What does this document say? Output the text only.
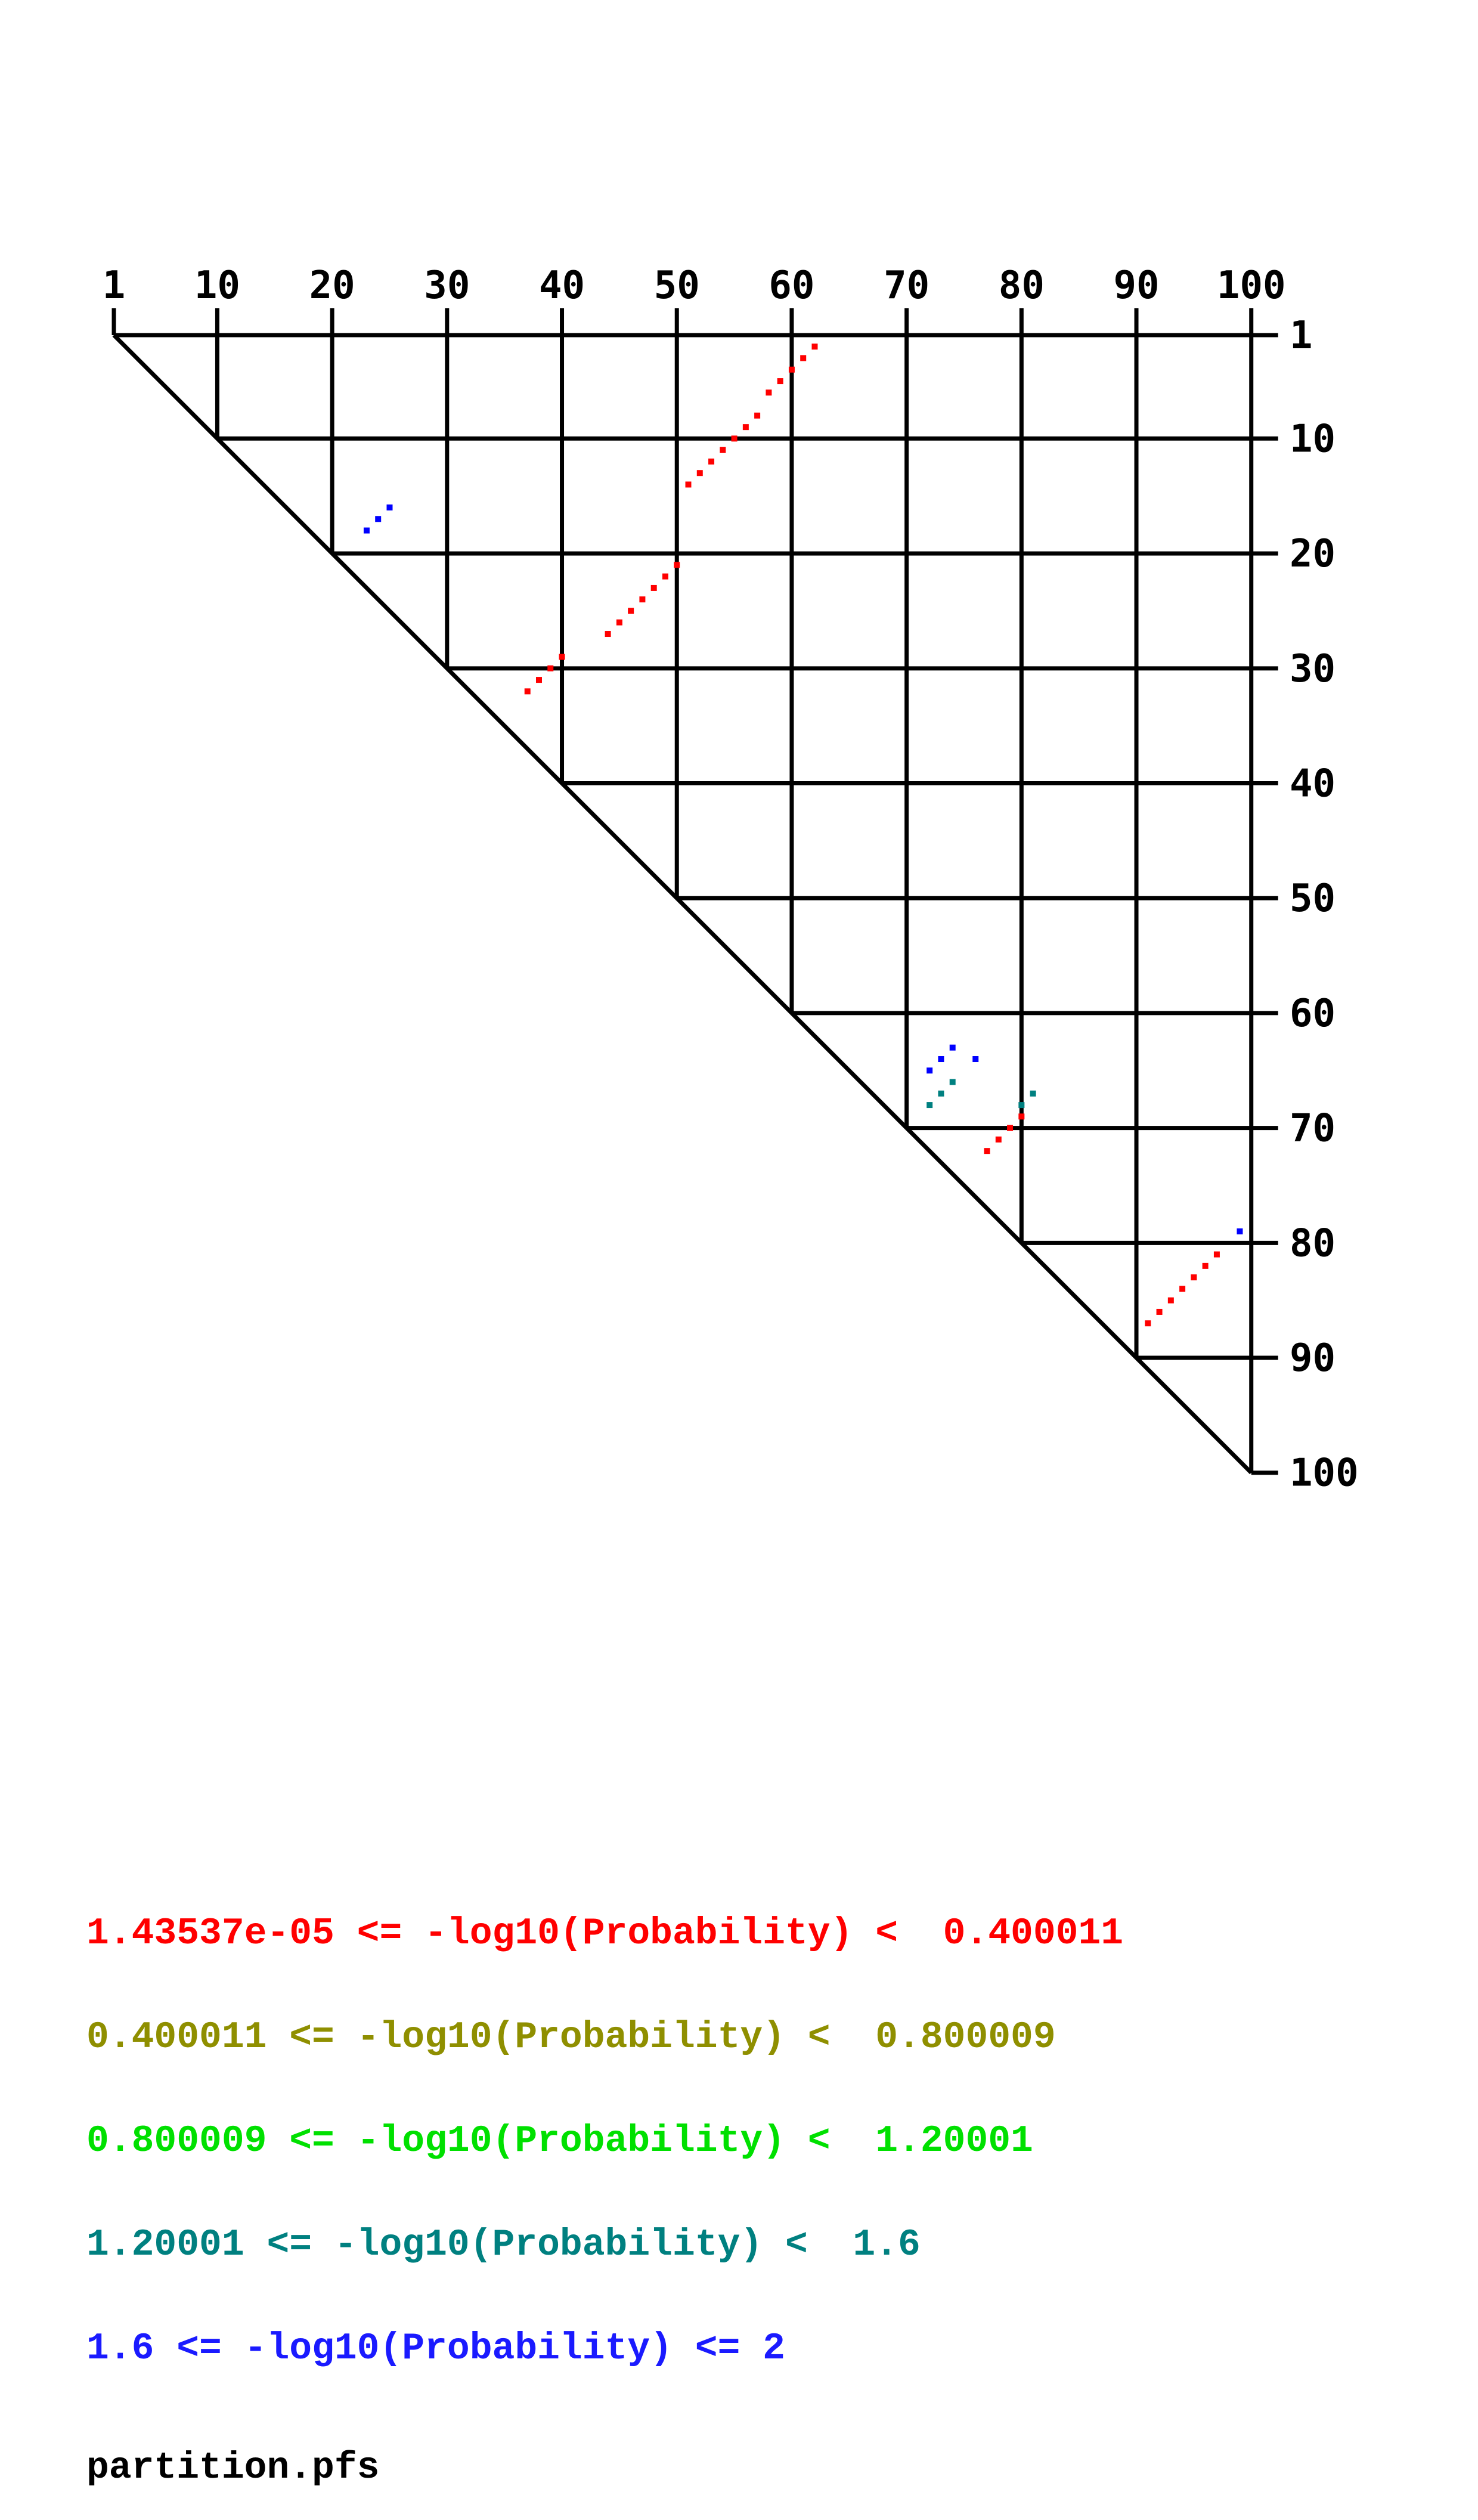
1
1
10
10
20
20
30
30
40
40
50
50
60
60
70
70
80
80
90
90
100
100

1.43537e-05 <= -log10(Probability) <  0.400011

0.400011 <= -log10(Probability) <  0.800009

0.800009 <= -log10(Probability) <  1.20001

1.20001 <= -log10(Probability) <  1.6

1.6 <= -log10(Probability) <= 2

partition.pfs
